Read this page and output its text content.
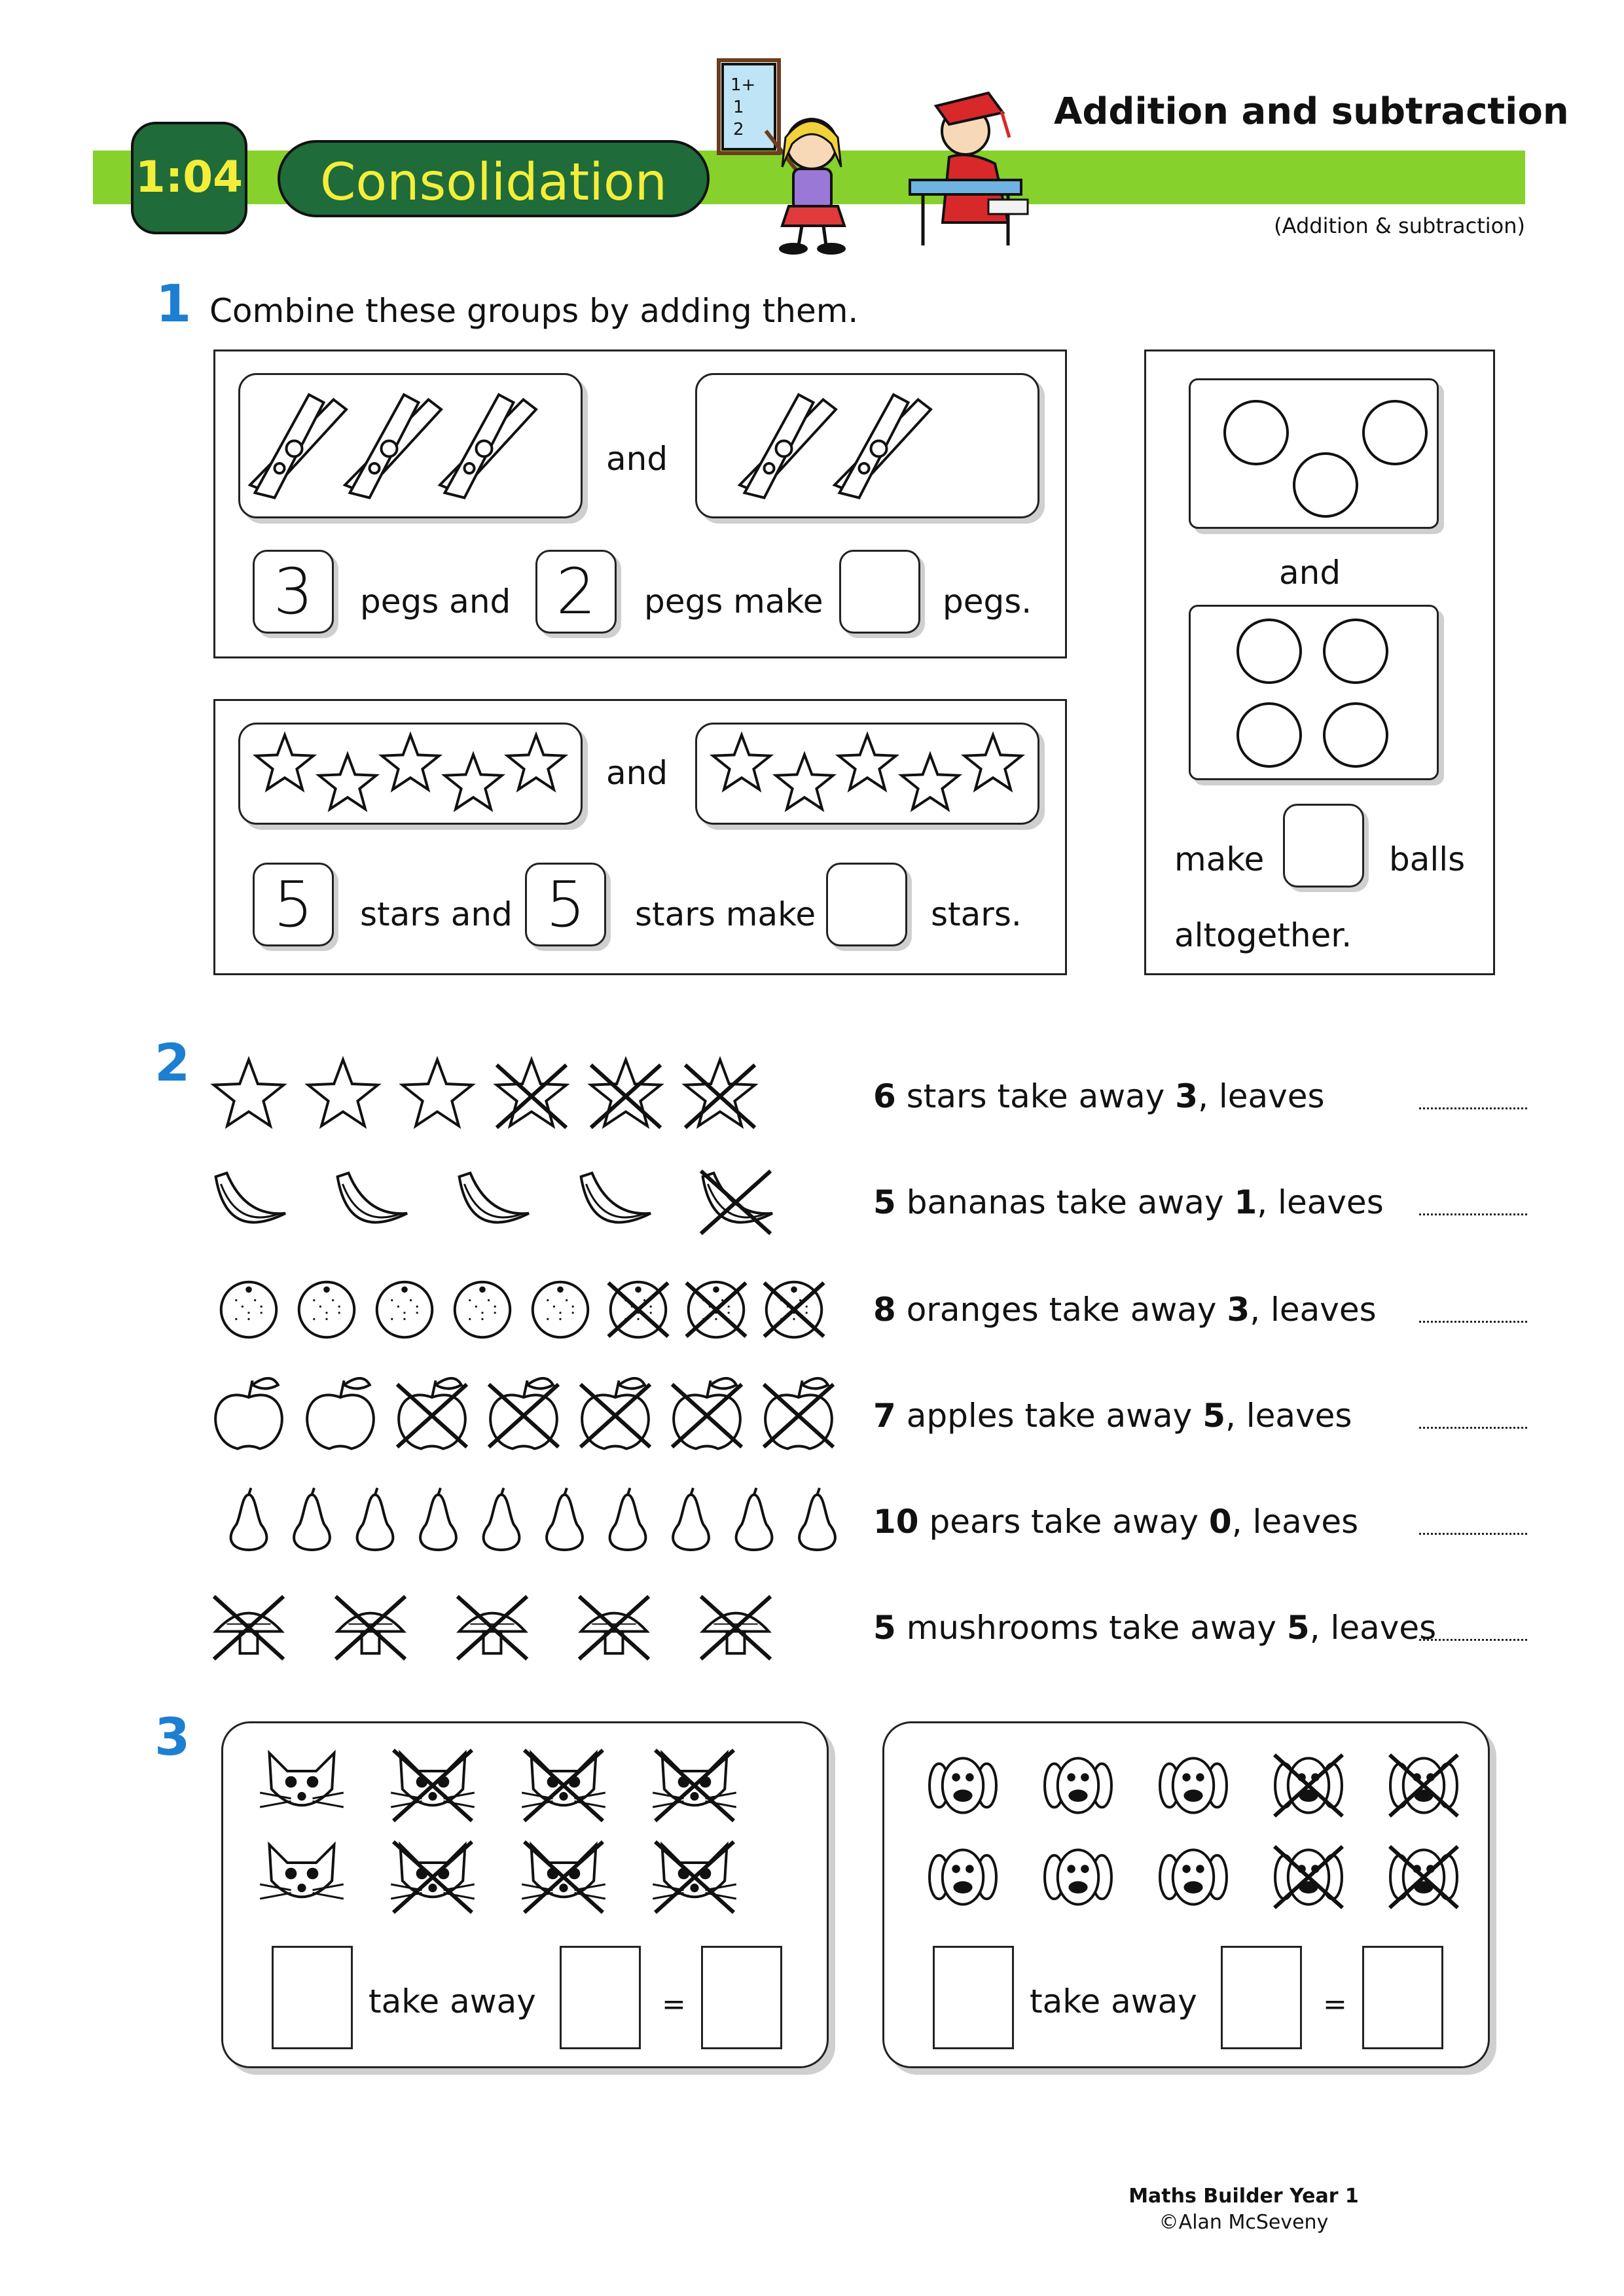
1:04	Consolidation
1+
1
2	Addition and subtraction
(Addition & subtraction)
1 Combine these groups by adding them.
and
3	pegs and 2	pegs make	pegs.
and
5	stars and 5	stars make	stars.
and
make	balls
altogether.
2
6 stars take away 3, leaves
5 bananas take away 1, leaves
8 oranges take away 3, leaves
7 apples take away 5, leaves
10 pears take away 0, leaves
5 mushrooms take away 5, leaves
3
take away	=	take away	=
Maths Builder Year 1
©Alan McSeveny
